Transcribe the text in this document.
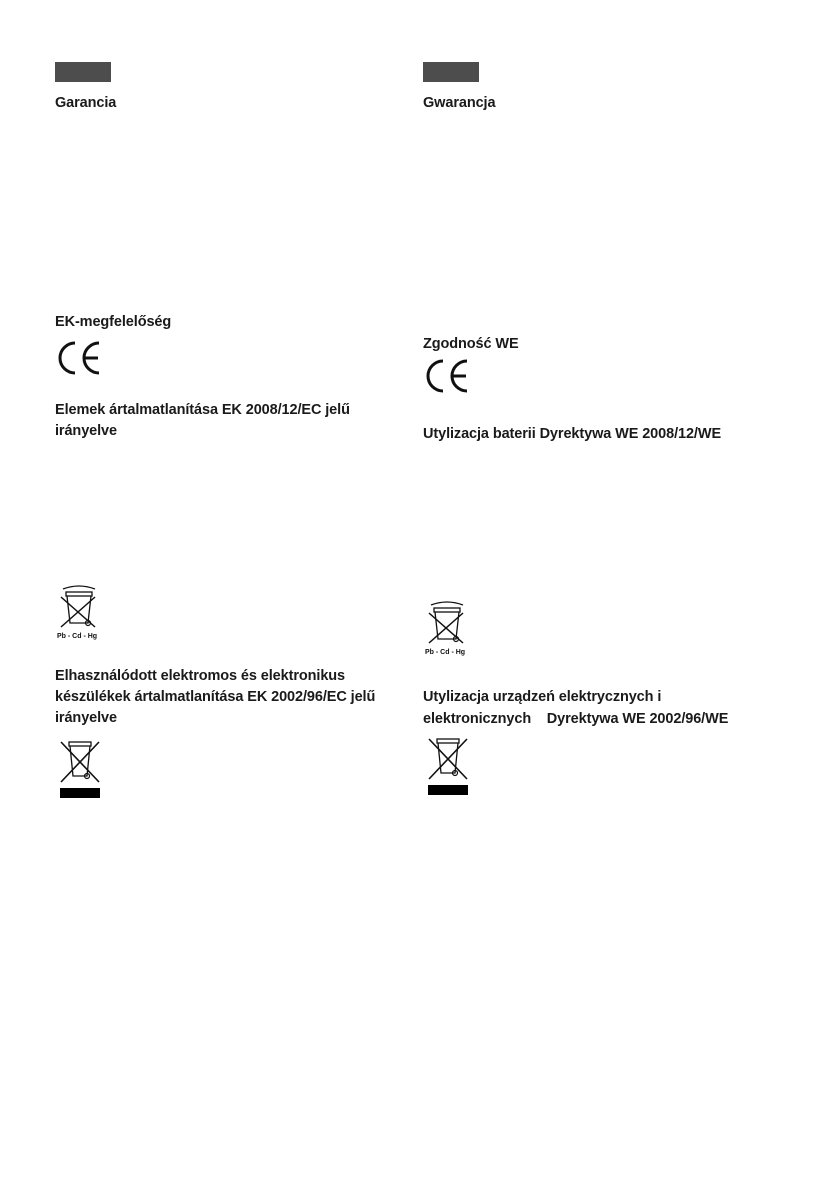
Garancia
EK-megfelelőség
Elemek ártalmatlanítása EK 2008/12/EC jelű
irányelve
Pb - Cd - Hg
Elhasználódott elektromos és elektronikus
készülékek ártalmatlanítása EK 2002/96/EC jelű
irányelve
Gwarancja
Zgodność WE
Utylizacja baterii Dyrektywa WE 2008/12/WE
Pb - Cd - Hg
Utylizacja urządzeń elektrycznych i
elektronicznych    Dyrektywa WE 2002/96/WE
